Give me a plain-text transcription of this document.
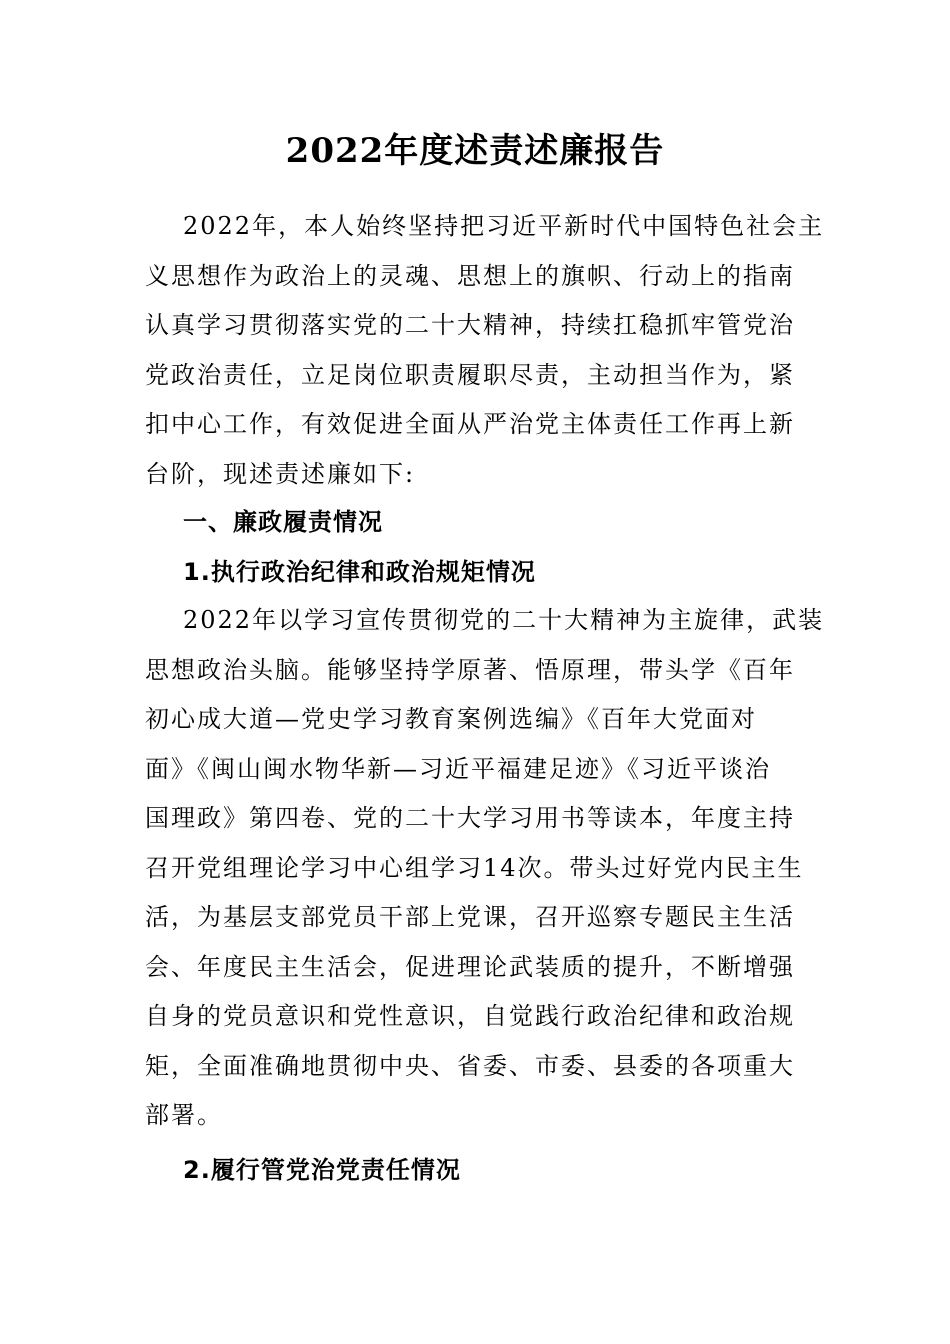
2022年度述责述廉报告
2022年，本人始终坚持把习近平新时代中国特色社会主
义思想作为政治上的灵魂、思想上的旗帜、行动上的指南
认真学习贯彻落实党的二十大精神，持续扛稳抓牢管党治
党政治责任，立足岗位职责履职尽责，主动担当作为，紧
扣中心工作，有效促进全面从严治党主体责任工作再上新
台阶，现述责述廉如下:
一、廉政履责情况
1.执行政治纪律和政治规矩情况
2022年以学习宣传贯彻党的二十大精神为主旋律，武装
思想政治头脑。能够坚持学原著、悟原理，带头学《百年
初心成大道—党史学习教育案例选编》《百年大党面对
面》《闽山闽水物华新—习近平福建足迹》《习近平谈治
国理政》第四卷、党的二十大学习用书等读本，年度主持
召开党组理论学习中心组学习14次。带头过好党内民主生
活，为基层支部党员干部上党课，召开巡察专题民主生活
会、年度民主生活会，促进理论武装质的提升，不断增强
自身的党员意识和党性意识，自觉践行政治纪律和政治规
矩，全面准确地贯彻中央、省委、市委、县委的各项重大
部署。
2.履行管党治党责任情况
